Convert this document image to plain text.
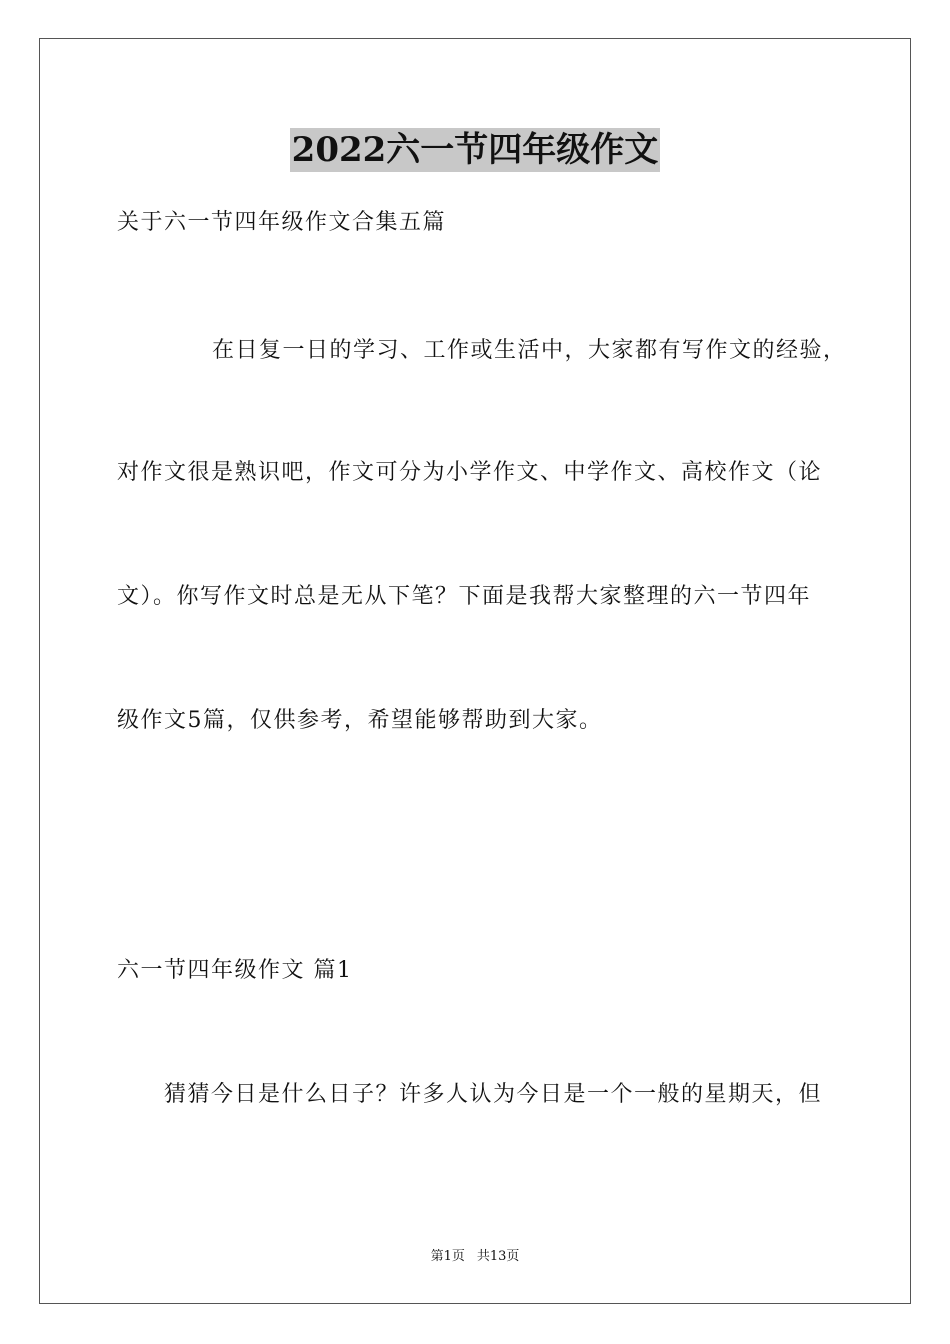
2022六一节四年级作文
关于六一节四年级作文合集五篇
在日复一日的学习、工作或生活中，大家都有写作文的经验，
对作文很是熟识吧，作文可分为小学作文、中学作文、高校作文（论
文）。你写作文时总是无从下笔？下面是我帮大家整理的六一节四年
级作文5篇，仅供参考，希望能够帮助到大家。
六一节四年级作文 篇1
猜猜今日是什么日子？许多人认为今日是一个一般的星期天，但
第1页 共13页
